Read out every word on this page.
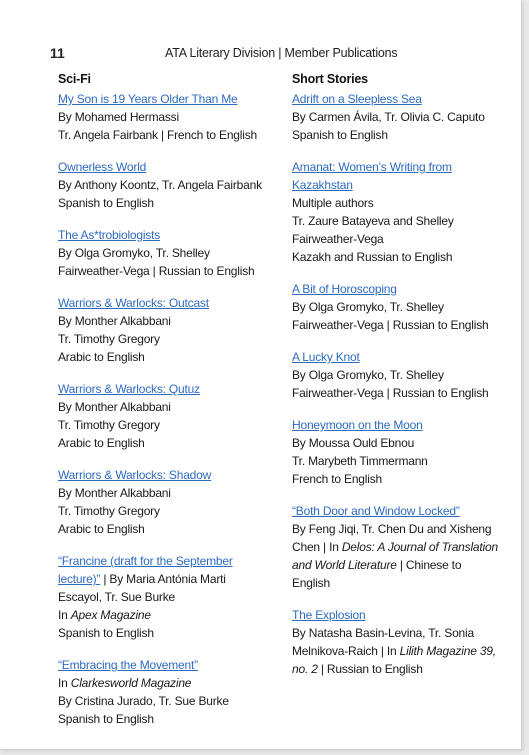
11	ATA Literary Division | Member Publications
Sci-Fi
My Son is 19 Years Older Than Me
By Mohamed Hermassi
Tr. Angela Fairbank | French to English
Ownerless World
By Anthony Koontz, Tr. Angela Fairbank
Spanish to English
The As*trobiologists
By Olga Gromyko, Tr. Shelley
Fairweather-Vega | Russian to English
Warriors & Warlocks: Outcast
By Monther Alkabbani
Tr. Timothy Gregory
Arabic to English
Warriors & Warlocks: Qutuz
By Monther Alkabbani
Tr. Timothy Gregory
Arabic to English
Warriors & Warlocks: Shadow
By Monther Alkabbani
Tr. Timothy Gregory
Arabic to English
“Francine (draft for the September
lecture)” | By Maria Antónia Marti
Escayol, Tr. Sue Burke
In Apex Magazine
Spanish to English
“Embracing the Movement”
In Clarkesworld Magazine
By Cristina Jurado, Tr. Sue Burke
Spanish to English
Short Stories
Adrift on a Sleepless Sea
By Carmen Ávila, Tr. Olivia C. Caputo
Spanish to English
Amanat: Women’s Writing from
Kazakhstan
Multiple authors
Tr. Zaure Batayeva and Shelley
Fairweather-Vega
Kazakh and Russian to English
A Bit of Horoscoping
By Olga Gromyko, Tr. Shelley
Fairweather-Vega | Russian to English
A Lucky Knot
By Olga Gromyko, Tr. Shelley
Fairweather-Vega | Russian to English
Honeymoon on the Moon
By Moussa Ould Ebnou
Tr. Marybeth Timmermann
French to English
“Both Door and Window Locked”
By Feng Jiqi, Tr. Chen Du and Xisheng
Chen | In Delos: A Journal of Translation
and World Literature | Chinese to
English
The Explosion
By Natasha Basin-Levina, Tr. Sonia
Melnikova-Raich | In Lilith Magazine 39,
no. 2 | Russian to English
